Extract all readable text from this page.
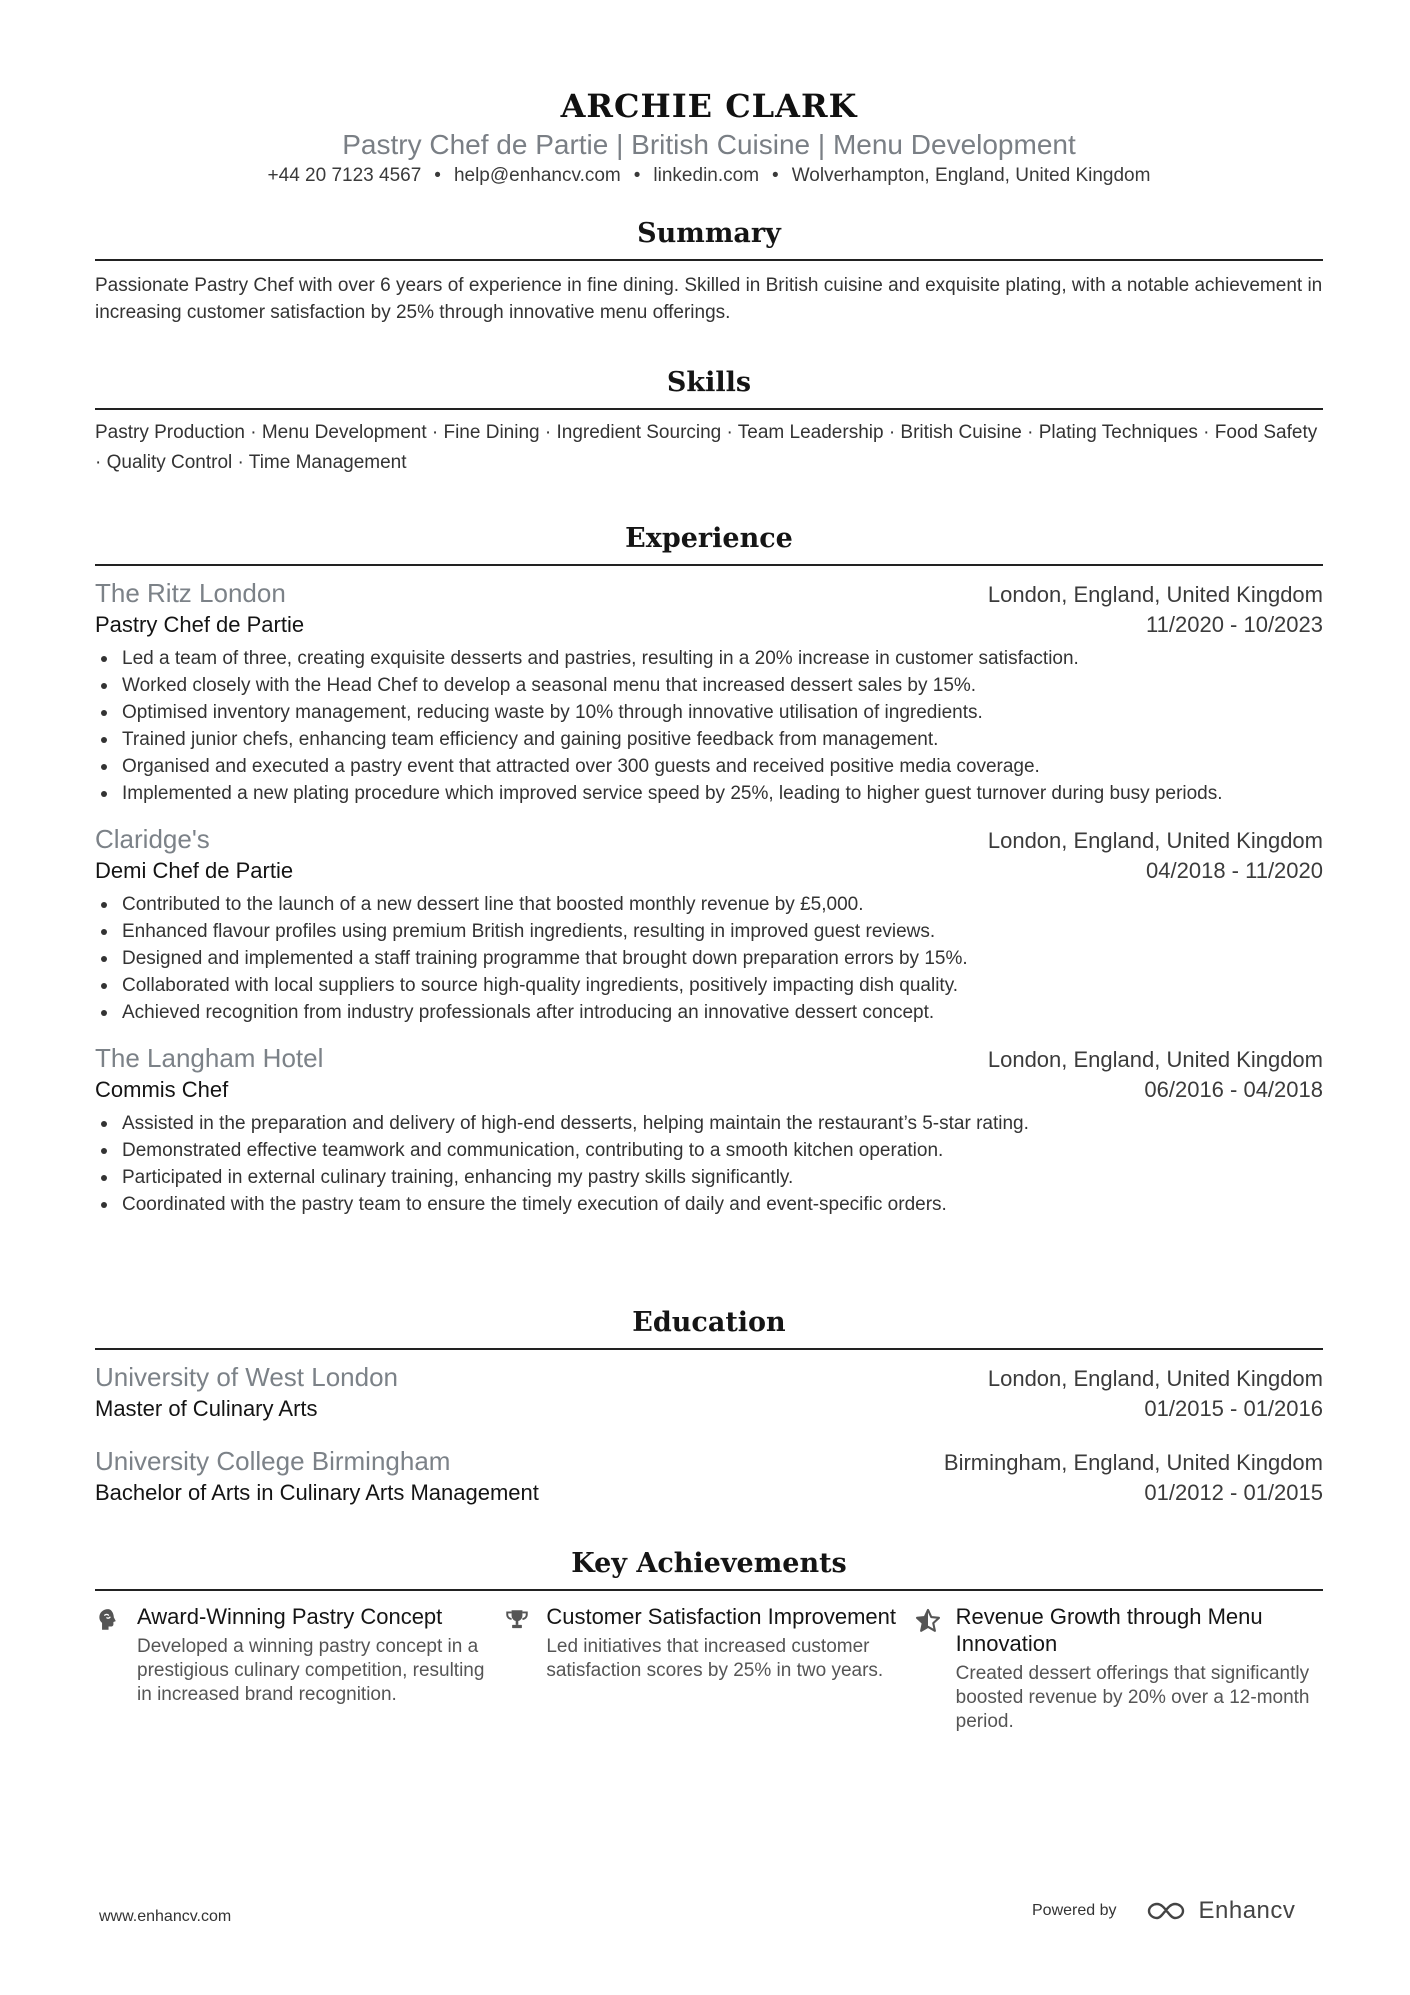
ARCHIE CLARK
Pastry Chef de Partie | British Cuisine | Menu Development
+44 20 7123 4567 • help@enhancv.com • linkedin.com • Wolverhampton, England, United Kingdom
Summary
Passionate Pastry Chef with over 6 years of experience in fine dining. Skilled in British cuisine and exquisite plating, with a notable achievement in increasing customer satisfaction by 25% through innovative menu offerings.
Skills
Pastry Production · Menu Development · Fine Dining · Ingredient Sourcing · Team Leadership · British Cuisine · Plating Techniques · Food Safety · Quality Control · Time Management
Experience
The Ritz London	London, England, United Kingdom
Pastry Chef de Partie	11/2020 - 10/2023
Led a team of three, creating exquisite desserts and pastries, resulting in a 20% increase in customer satisfaction.
Worked closely with the Head Chef to develop a seasonal menu that increased dessert sales by 15%.
Optimised inventory management, reducing waste by 10% through innovative utilisation of ingredients.
Trained junior chefs, enhancing team efficiency and gaining positive feedback from management.
Organised and executed a pastry event that attracted over 300 guests and received positive media coverage.
Implemented a new plating procedure which improved service speed by 25%, leading to higher guest turnover during busy periods.
Claridge's	London, England, United Kingdom
Demi Chef de Partie	04/2018 - 11/2020
Contributed to the launch of a new dessert line that boosted monthly revenue by £5,000.
Enhanced flavour profiles using premium British ingredients, resulting in improved guest reviews.
Designed and implemented a staff training programme that brought down preparation errors by 15%.
Collaborated with local suppliers to source high-quality ingredients, positively impacting dish quality.
Achieved recognition from industry professionals after introducing an innovative dessert concept.
The Langham Hotel	London, England, United Kingdom
Commis Chef	06/2016 - 04/2018
Assisted in the preparation and delivery of high-end desserts, helping maintain the restaurant’s 5-star rating.
Demonstrated effective teamwork and communication, contributing to a smooth kitchen operation.
Participated in external culinary training, enhancing my pastry skills significantly.
Coordinated with the pastry team to ensure the timely execution of daily and event-specific orders.
Education
University of West London	London, England, United Kingdom
Master of Culinary Arts	01/2015 - 01/2016
University College Birmingham	Birmingham, England, United Kingdom
Bachelor of Arts in Culinary Arts Management	01/2012 - 01/2015
Key Achievements
Award-Winning Pastry Concept
Developed a winning pastry concept in a prestigious culinary competition, resulting in increased brand recognition.
Customer Satisfaction Improvement
Led initiatives that increased customer satisfaction scores by 25% in two years.
Revenue Growth through Menu Innovation
Created dessert offerings that significantly boosted revenue by 20% over a 12-month period.
www.enhancv.com	Powered by	Enhancv
